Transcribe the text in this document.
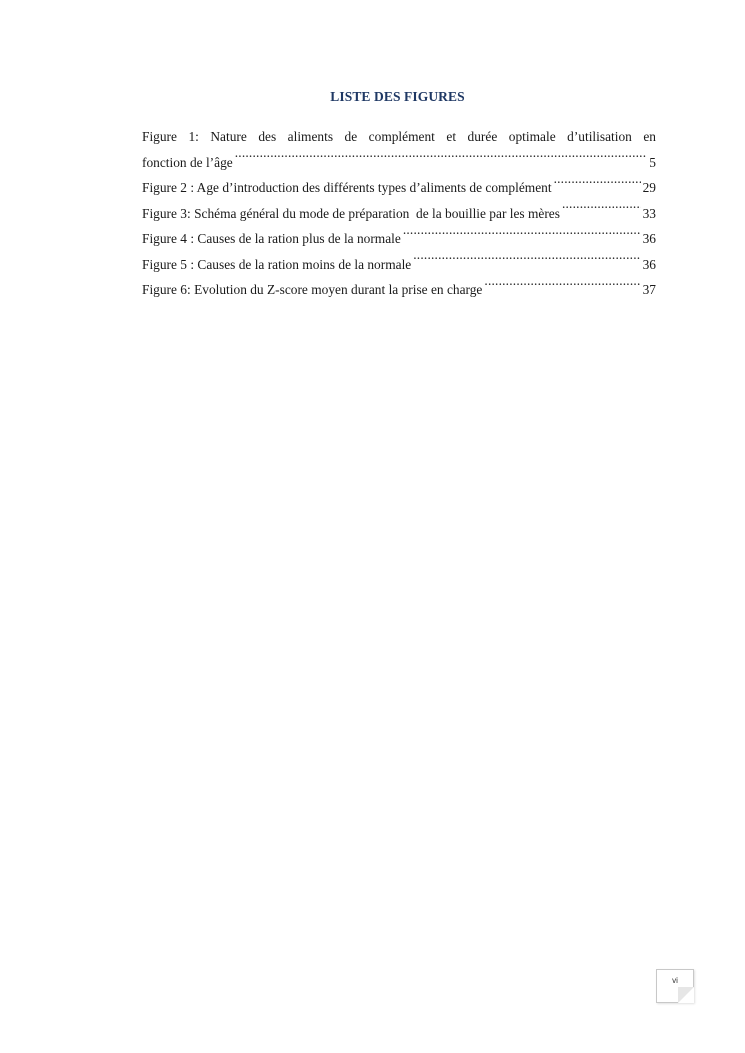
LISTE DES FIGURES
Figure 1: Nature des aliments de complément et durée optimale d’utilisation en
fonction de l’âge .....	5
Figure 2 : Age d’introduction des différents types d’aliments de complément .....	29
Figure 3: Schéma général du mode de préparation  de la bouillie par les mères .....	33
Figure 4 : Causes de la ration plus de la normale .....	36
Figure 5 : Causes de la ration moins de la normale .....	36
Figure 6: Evolution du Z-score moyen durant la prise en charge .....	37
vi
